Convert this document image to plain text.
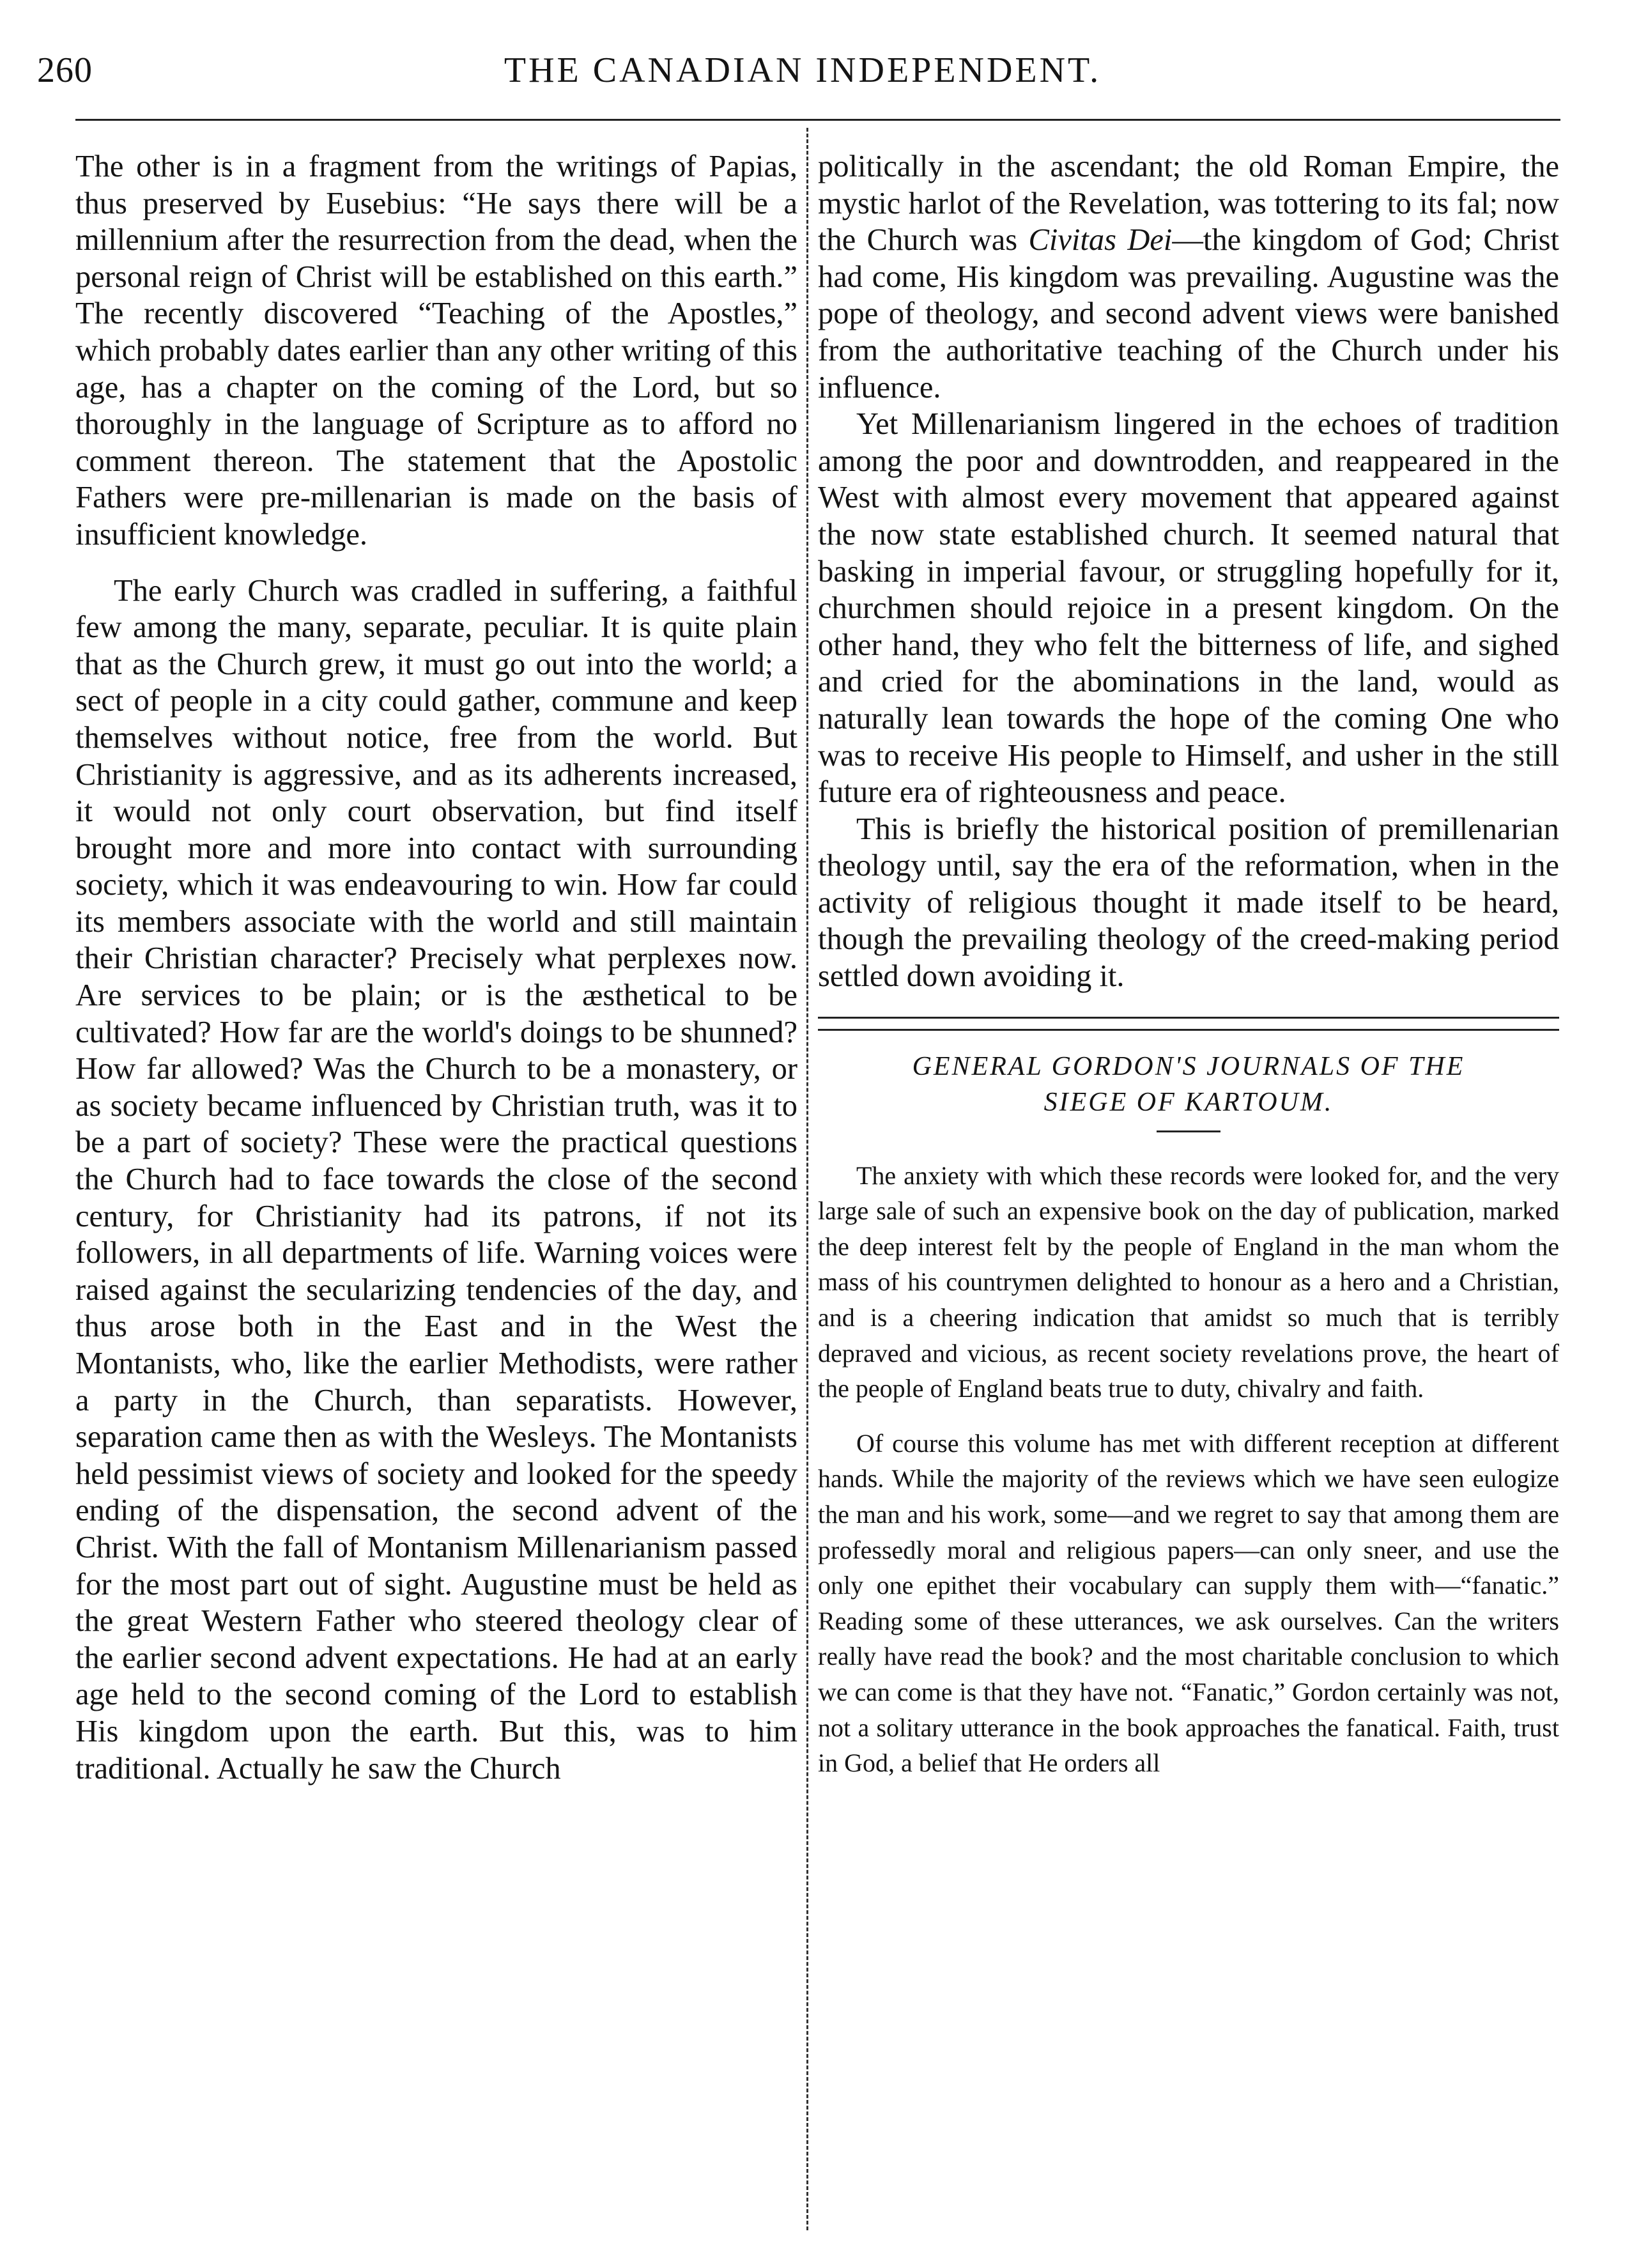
260	THE CANADIAN INDEPENDENT.

The other is in a fragment from the writings of Papias, thus preserved by Eusebius: “He says there will be a millennium after the resurrection from the dead, when the personal reign of Christ will be established on this earth.” The recently discovered “Teaching of the Apostles,” which probably dates earlier than any other writing of this age, has a chapter on the coming of the Lord, but so thoroughly in the language of Scripture as to afford no comment thereon. The statement that the Apostolic Fathers were pre-millenarian is made on the basis of insufficient knowledge.

The early Church was cradled in suffering, a faithful few among the many, separate, peculiar. It is quite plain that as the Church grew, it must go out into the world; a sect of people in a city could gather, commune and keep themselves without notice, free from the world. But Christianity is aggressive, and as its adherents increased, it would not only court observation, but find itself brought more and more into contact with surrounding society, which it was endeavouring to win. How far could its members associate with the world and still maintain their Christian character? Precisely what perplexes now. Are services to be plain; or is the æsthetical to be cultivated? How far are the world's doings to be shunned? How far allowed? Was the Church to be a monastery, or as society became influenced by Christian truth, was it to be a part of society? These were the practical questions the Church had to face towards the close of the second century, for Christianity had its patrons, if not its followers, in all departments of life. Warning voices were raised against the secularizing tendencies of the day, and thus arose both in the East and in the West the Montanists, who, like the earlier Methodists, were rather a party in the Church, than separatists. However, separation came then as with the Wesleys. The Montanists held pessimist views of society and looked for the speedy ending of the dispensation, the second advent of the Christ. With the fall of Montanism Millenarianism passed for the most part out of sight. Augustine must be held as the great Western Father who steered theology clear of the earlier second advent expectations. He had at an early age held to the second coming of the Lord to establish His kingdom upon the earth. But this, was to him traditional. Actually he saw the Church

politically in the ascendant; the old Roman Empire, the mystic harlot of the Revelation, was tottering to its fal; now the Church was Civitas Dei—the kingdom of God; Christ had come, His kingdom was prevailing. Augustine was the pope of theology, and second advent views were banished from the authoritative teaching of the Church under his influence.

Yet Millenarianism lingered in the echoes of tradition among the poor and downtrodden, and reappeared in the West with almost every movement that appeared against the now state established church. It seemed natural that basking in imperial favour, or struggling hopefully for it, churchmen should rejoice in a present kingdom. On the other hand, they who felt the bitterness of life, and sighed and cried for the abominations in the land, would as naturally lean towards the hope of the coming One who was to receive His people to Himself, and usher in the still future era of righteousness and peace.

This is briefly the historical position of premillenarian theology until, say the era of the reformation, when in the activity of religious thought it made itself to be heard, though the prevailing theology of the creed-making period settled down avoiding it.

GENERAL GORDON'S JOURNALS OF THE
SIEGE OF KARTOUM.

The anxiety with which these records were looked for, and the very large sale of such an expensive book on the day of publication, marked the deep interest felt by the people of England in the man whom the mass of his countrymen delighted to honour as a hero and a Christian, and is a cheering indication that amidst so much that is terribly depraved and vicious, as recent society revelations prove, the heart of the people of England beats true to duty, chivalry and faith.

Of course this volume has met with different reception at different hands. While the majority of the reviews which we have seen eulogize the man and his work, some—and we regret to say that among them are professedly moral and religious papers—can only sneer, and use the only one epithet their vocabulary can supply them with—“fanatic.” Reading some of these utterances, we ask ourselves. Can the writers really have read the book? and the most charitable conclusion to which we can come is that they have not. “Fanatic,” Gordon certainly was not, not a solitary utterance in the book approaches the fanatical. Faith, trust in God, a belief that He orders all
